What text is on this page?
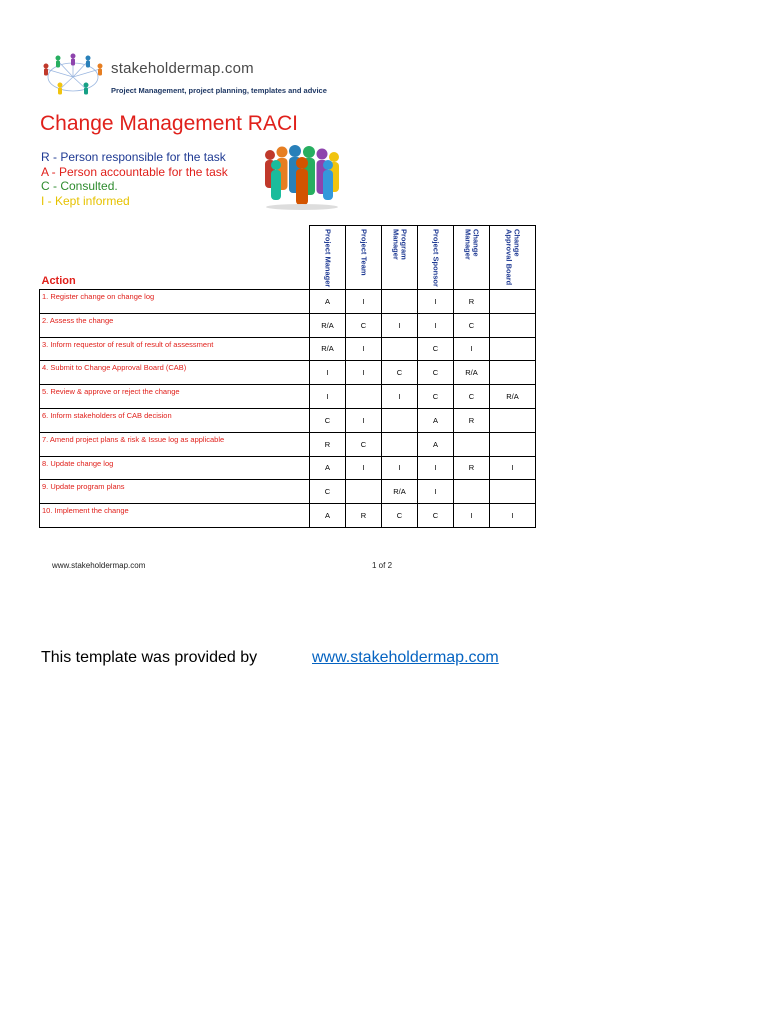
stakeholdermap.com
Project Management, project planning, templates and advice
Change Management RACI
R - Person responsible for the task
A - Person accountable for the task
C - Consulted.
I - Kept informed
Action	Project Manager	Project Team	Program Manager	Project Sponsor	Change Manager	Change Approval Board

1. Register change on change log	A	I		I	R	
2. Assess the change	R/A	C	I	I	C	
3. Inform requestor of result of result of assessment	R/A	I		C	I	
4. Submit to Change Approval Board (CAB)	I	I	C	C	R/A	
5. Review & approve or reject the change	I		I	C	C	R/A
6. Inform stakeholders of CAB decision	C	I		A	R	
7. Amend project plans & risk & Issue log as applicable	R	C		A		
8. Update change log	A	I	I	I	R	I
9. Update program plans	C		R/A	I		
10. Implement the change	A	R	C	C	I	I
www.stakeholdermap.com	1 of 2
This template was provided by	www.stakeholdermap.com
